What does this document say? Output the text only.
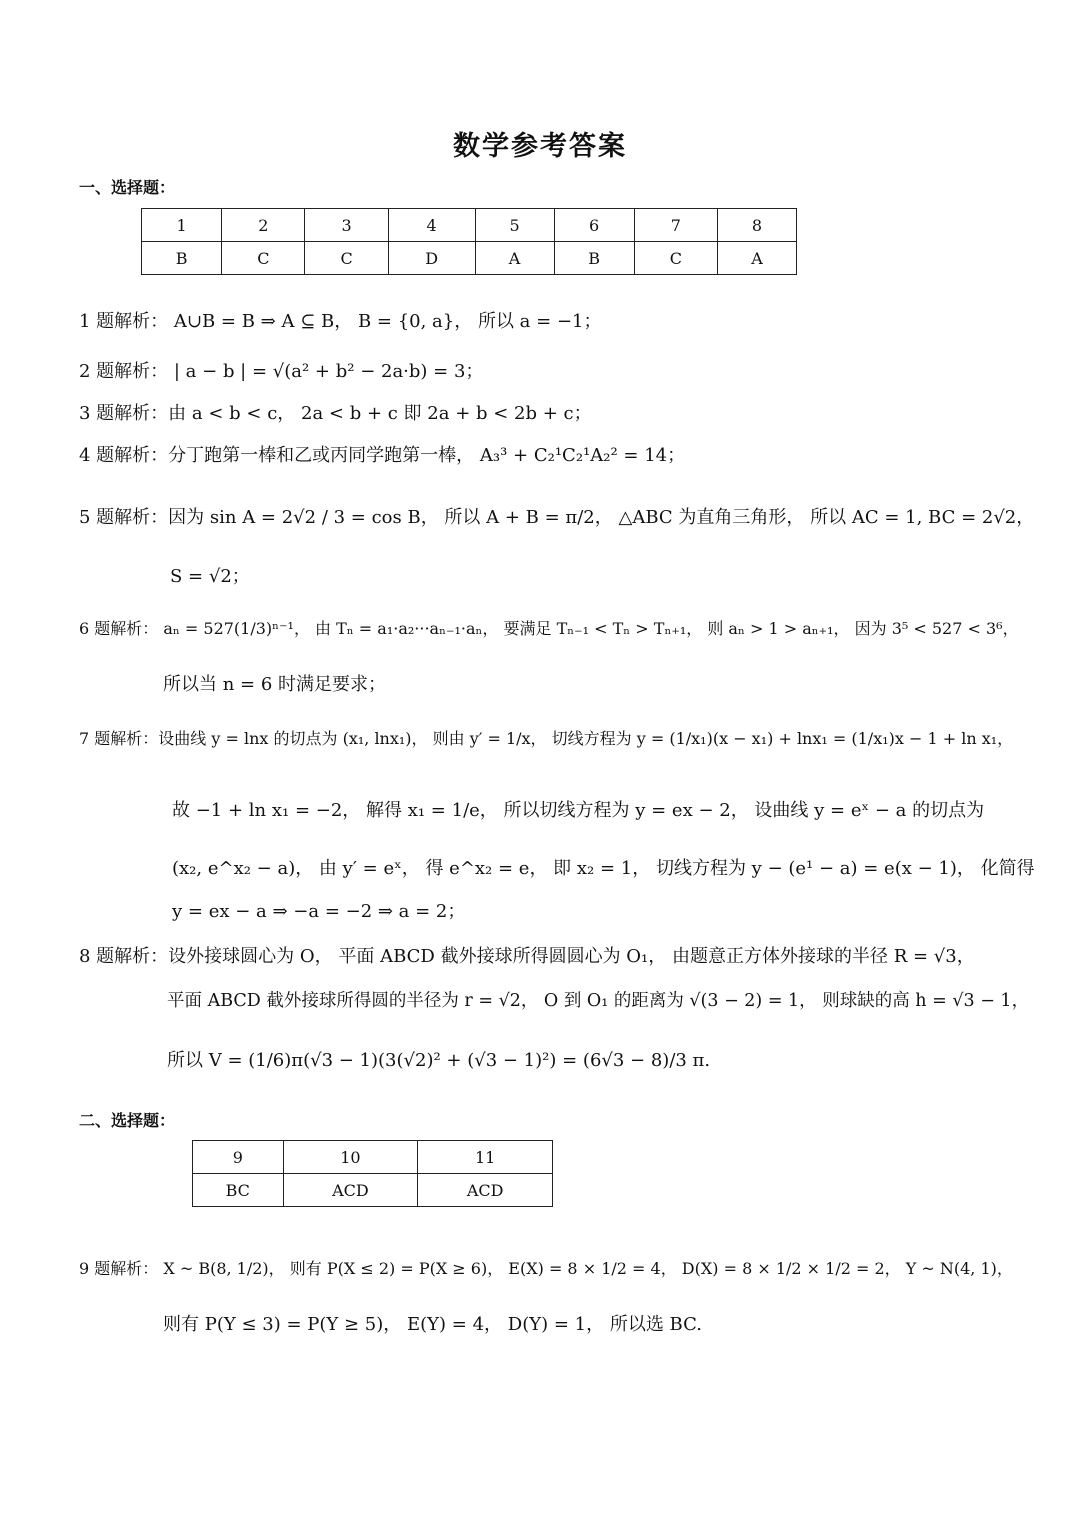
数学参考答案
一、选择题：
1	2	3	4	5	6	7	8
B	C	C	D	A	B	C	A
1 题解析： A∪B = B ⇒ A ⊆ B， B = {0, a}， 所以 a = −1；
2 题解析： | a − b | = √(a² + b² − 2a·b) = 3；
3 题解析：由 a < b < c， 2a < b + c 即 2a + b < 2b + c；
4 题解析：分丁跑第一棒和乙或丙同学跑第一棒， A₃³ + C₂¹C₂¹A₂² = 14；
5 题解析：因为 sin A = 2√2 / 3 = cos B， 所以 A + B = π/2， △ABC 为直角三角形， 所以 AC = 1, BC = 2√2，
S = √2；
6 题解析： aₙ = 527(1/3)ⁿ⁻¹， 由 Tₙ = a₁·a₂···aₙ₋₁·aₙ， 要满足 Tₙ₋₁ < Tₙ > Tₙ₊₁， 则 aₙ > 1 > aₙ₊₁， 因为 3⁵ < 527 < 3⁶，
所以当 n = 6 时满足要求；
7 题解析：设曲线 y = lnx 的切点为 (x₁, lnx₁)， 则由 y′ = 1/x， 切线方程为 y = (1/x₁)(x − x₁) + lnx₁ = (1/x₁)x − 1 + ln x₁，
故 −1 + ln x₁ = −2， 解得 x₁ = 1/e， 所以切线方程为 y = ex − 2， 设曲线 y = eˣ − a 的切点为
(x₂, e^x₂ − a)， 由 y′ = eˣ， 得 e^x₂ = e， 即 x₂ = 1， 切线方程为 y − (e¹ − a) = e(x − 1)， 化简得
y = ex − a ⇒ −a = −2 ⇒ a = 2；
8 题解析：设外接球圆心为 O， 平面 ABCD 截外接球所得圆圆心为 O₁， 由题意正方体外接球的半径 R = √3，
平面 ABCD 截外接球所得圆的半径为 r = √2， O 到 O₁ 的距离为 √(3 − 2) = 1， 则球缺的高 h = √3 − 1，
所以 V = (1/6)π(√3 − 1)(3(√2)² + (√3 − 1)²) = (6√3 − 8)/3 π.
二、选择题：
9	10	11
BC	ACD	ACD
9 题解析： X ~ B(8, 1/2)， 则有 P(X ≤ 2) = P(X ≥ 6)， E(X) = 8 × 1/2 = 4， D(X) = 8 × 1/2 × 1/2 = 2， Y ~ N(4, 1)，
则有 P(Y ≤ 3) = P(Y ≥ 5)， E(Y) = 4， D(Y) = 1， 所以选 BC.
